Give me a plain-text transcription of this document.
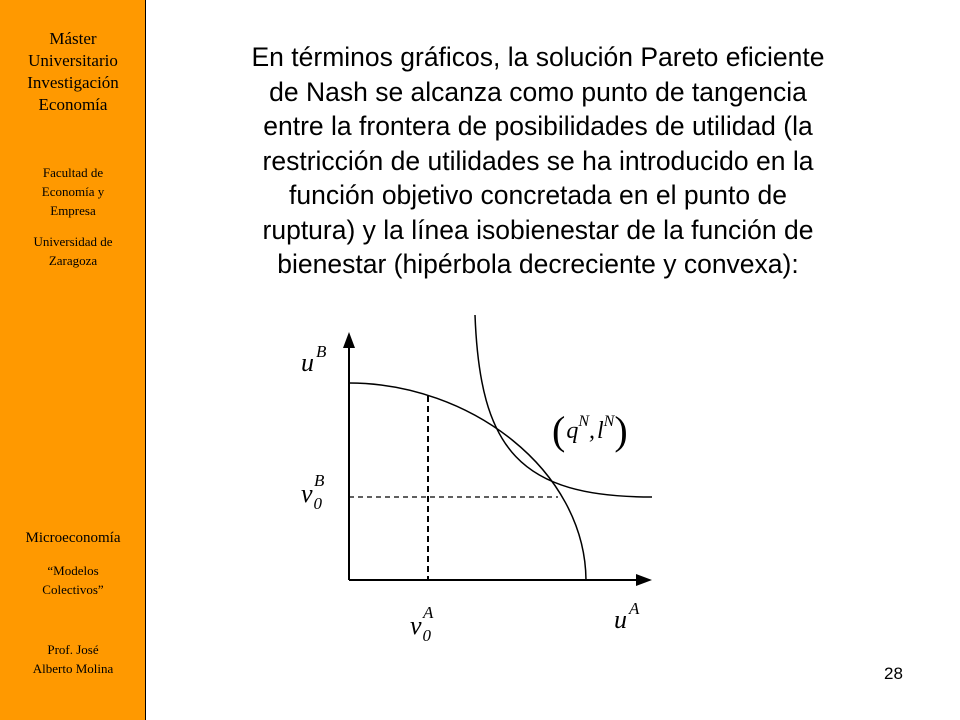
Máster
Universitario
Investigación
Economía
Facultad de
Economía y
Empresa
Universidad de
Zaragoza
Microeconomía
“Modelos
Colectivos”
Prof. José
Alberto Molina
En términos gráficos, la solución Pareto eficiente
de Nash se alcanza como punto de tangencia
entre la frontera de posibilidades de utilidad (la
restricción de utilidades se ha introducido en la
función objetivo concretada en el punto de
ruptura) y la línea isobienestar de la función de
bienestar (hipérbola decreciente y convexa):
u $^B$
u $^A$
$v_0B$
$v_0A$
$(q^N,l^N)$
28
